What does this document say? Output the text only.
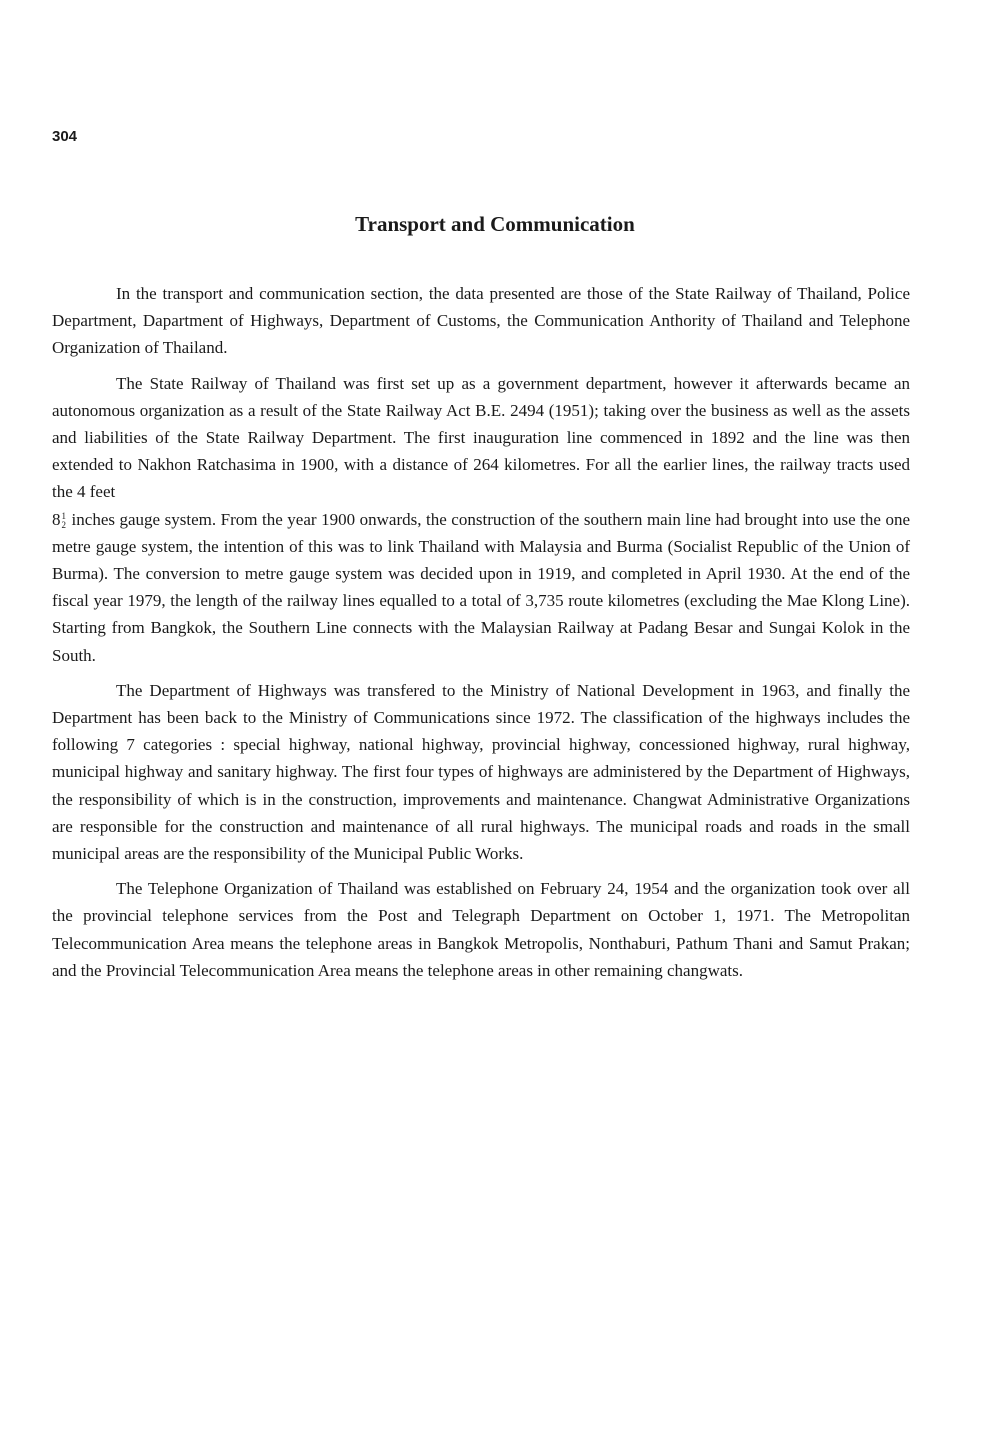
304
Transport and Communication

In the transport and communication section, the data presented are those of the State Railway of Thailand, Police Department, Dapartment of Highways, Department of Customs, the Communication Anthority of Thailand and Telephone Organization of Thailand.

The State Railway of Thailand was first set up as a government department, however it afterwards became an autonomous organization as a result of the State Railway Act B.E. 2494 (1951); taking over the business as well as the assets and liabilities of the State Railway Department. The first inauguration line commenced in 1892 and the line was then extended to Nakhon Ratchasima in 1900, with a distance of 264 kilometres. For all the earlier lines, the railway tracts used the 4 feet

8 1
2 inches gauge system. From the year 1900 onwards, the construction of the southern main line had brought into use the one metre gauge system, the intention of this was to link Thailand with Malaysia and Burma (Socialist Republic of the Union of Burma). The conversion to metre gauge system was decided upon in 1919, and completed in April 1930. At the end of the fiscal year 1979, the length of the railway lines equalled to a total of 3,735 route kilometres (excluding the Mae Klong Line). Starting from Bangkok, the Southern Line connects with the Malaysian Railway at Padang Besar and Sungai Kolok in the South.

The Department of Highways was transfered to the Ministry of National Development in 1963, and finally the Department has been back to the Ministry of Communications since 1972. The classification of the highways includes the following 7 categories : special highway, national highway, provincial highway, concessioned highway, rural highway, municipal highway and sanitary highway. The first four types of highways are administered by the Department of Highways, the responsibility of which is in the construction, improvements and maintenance. Changwat Administrative Organizations are responsible for the construction and maintenance of all rural highways. The municipal roads and roads in the small municipal areas are the responsibility of the Municipal Public Works.

The Telephone Organization of Thailand was established on February 24, 1954 and the organization took over all the provincial telephone services from the Post and Telegraph Department on October 1, 1971. The Metropolitan Telecommunication Area means the telephone areas in Bangkok Metropolis, Nonthaburi, Pathum Thani and Samut Prakan; and the Provincial Telecommunication Area means the telephone areas in other remaining changwats.
